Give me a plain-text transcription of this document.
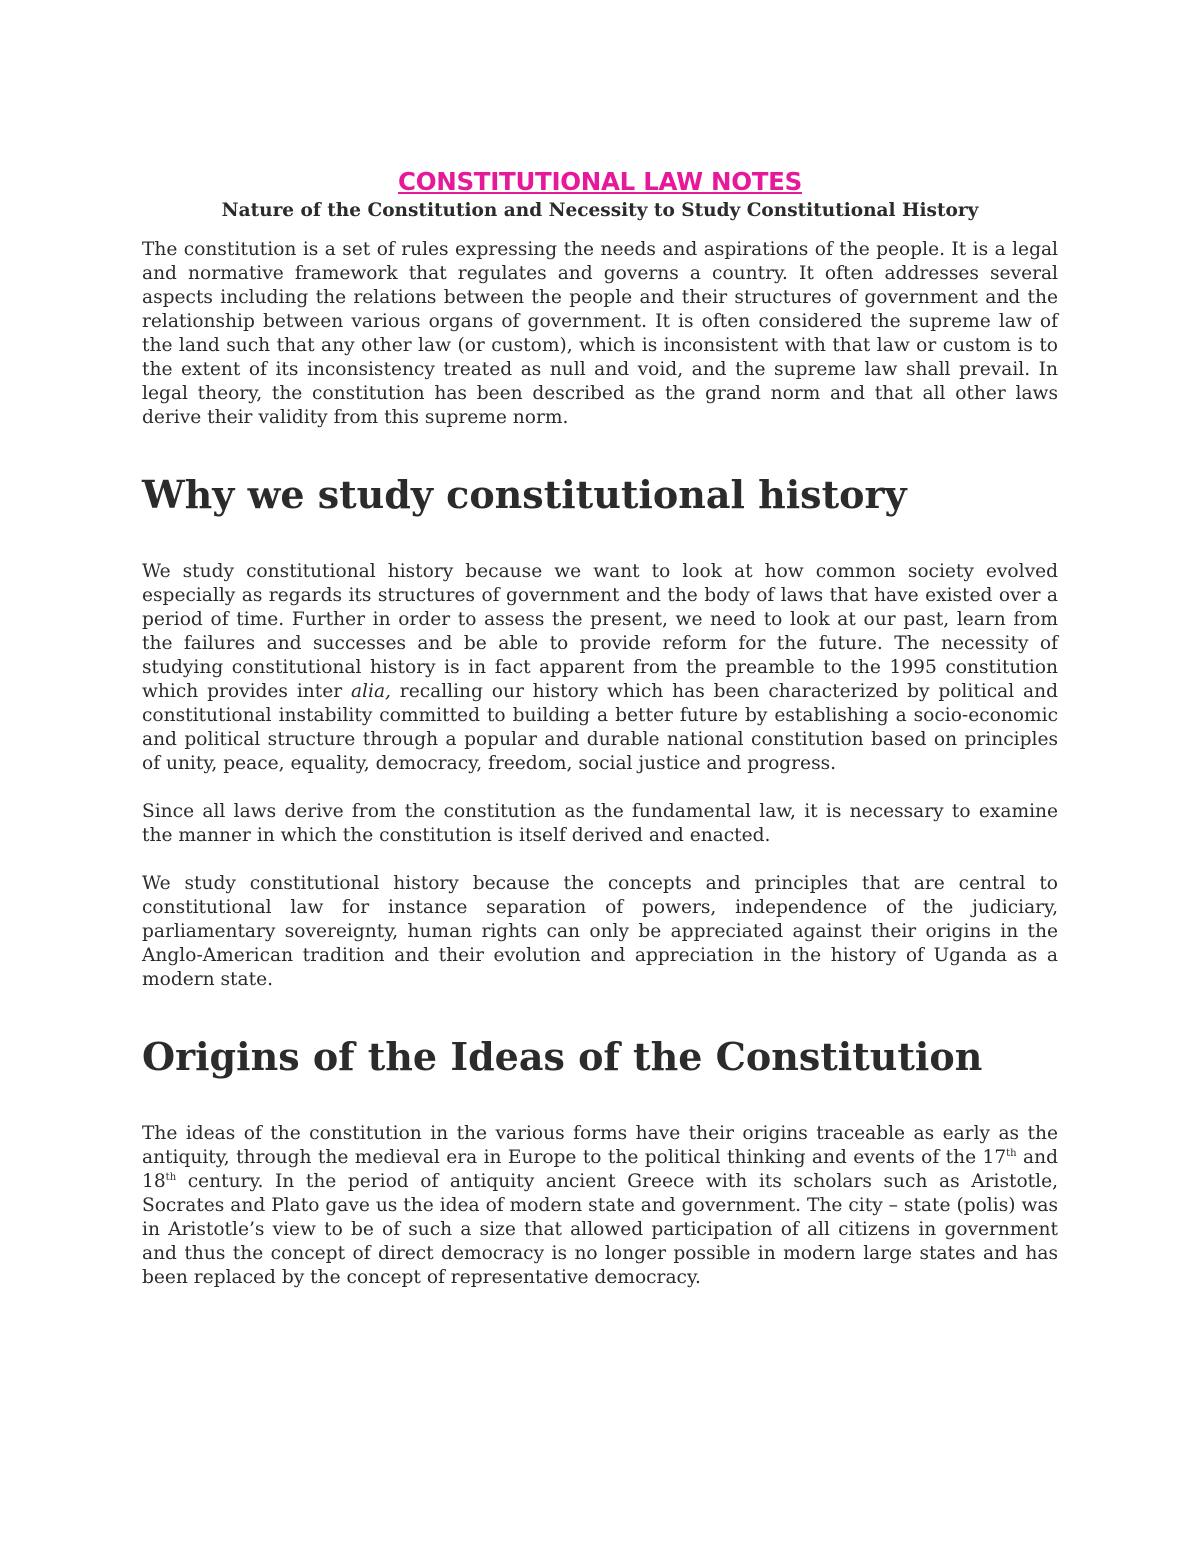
CONSTITUTIONAL LAW NOTES
Nature of the Constitution and Necessity to Study Constitutional History

The constitution is a set of rules expressing the needs and aspirations of the people. It is a legal and normative framework that regulates and governs a country. It often addresses several aspects including the relations between the people and their structures of government and the relationship between various organs of government. It is often considered the supreme law of the land such that any other law (or custom), which is inconsistent with that law or custom is to the extent of its inconsistency treated as null and void, and the supreme law shall prevail. In legal theory, the constitution has been described as the grand norm and that all other laws derive their validity from this supreme norm.

Why we study constitutional history

We study constitutional history because we want to look at how common society evolved especially as regards its structures of government and the body of laws that have existed over a period of time. Further in order to assess the present, we need to look at our past, learn from the failures and successes and be able to provide reform for the future. The necessity of studying constitutional history is in fact apparent from the preamble to the 1995 constitution which provides inter alia, recalling our history which has been characterized by political and constitutional instability committed to building a better future by establishing a socio-economic and political structure through a popular and durable national constitution based on principles of unity, peace, equality, democracy, freedom, social justice and progress.

Since all laws derive from the constitution as the fundamental law, it is necessary to examine the manner in which the constitution is itself derived and enacted.

We study constitutional history because the concepts and principles that are central to constitutional law for instance separation of powers, independence of the judiciary, parliamentary sovereignty, human rights can only be appreciated against their origins in the Anglo-American tradition and their evolution and appreciation in the history of Uganda as a modern state.

Origins of the Ideas of the Constitution

The ideas of the constitution in the various forms have their origins traceable as early as the antiquity, through the medieval era in Europe to the political thinking and events of the 17th and 18th century. In the period of antiquity ancient Greece with its scholars such as Aristotle, Socrates and Plato gave us the idea of modern state and government. The city – state (polis) was in Aristotle’s view to be of such a size that allowed participation of all citizens in government and thus the concept of direct democracy is no longer possible in modern large states and has been replaced by the concept of representative democracy.
